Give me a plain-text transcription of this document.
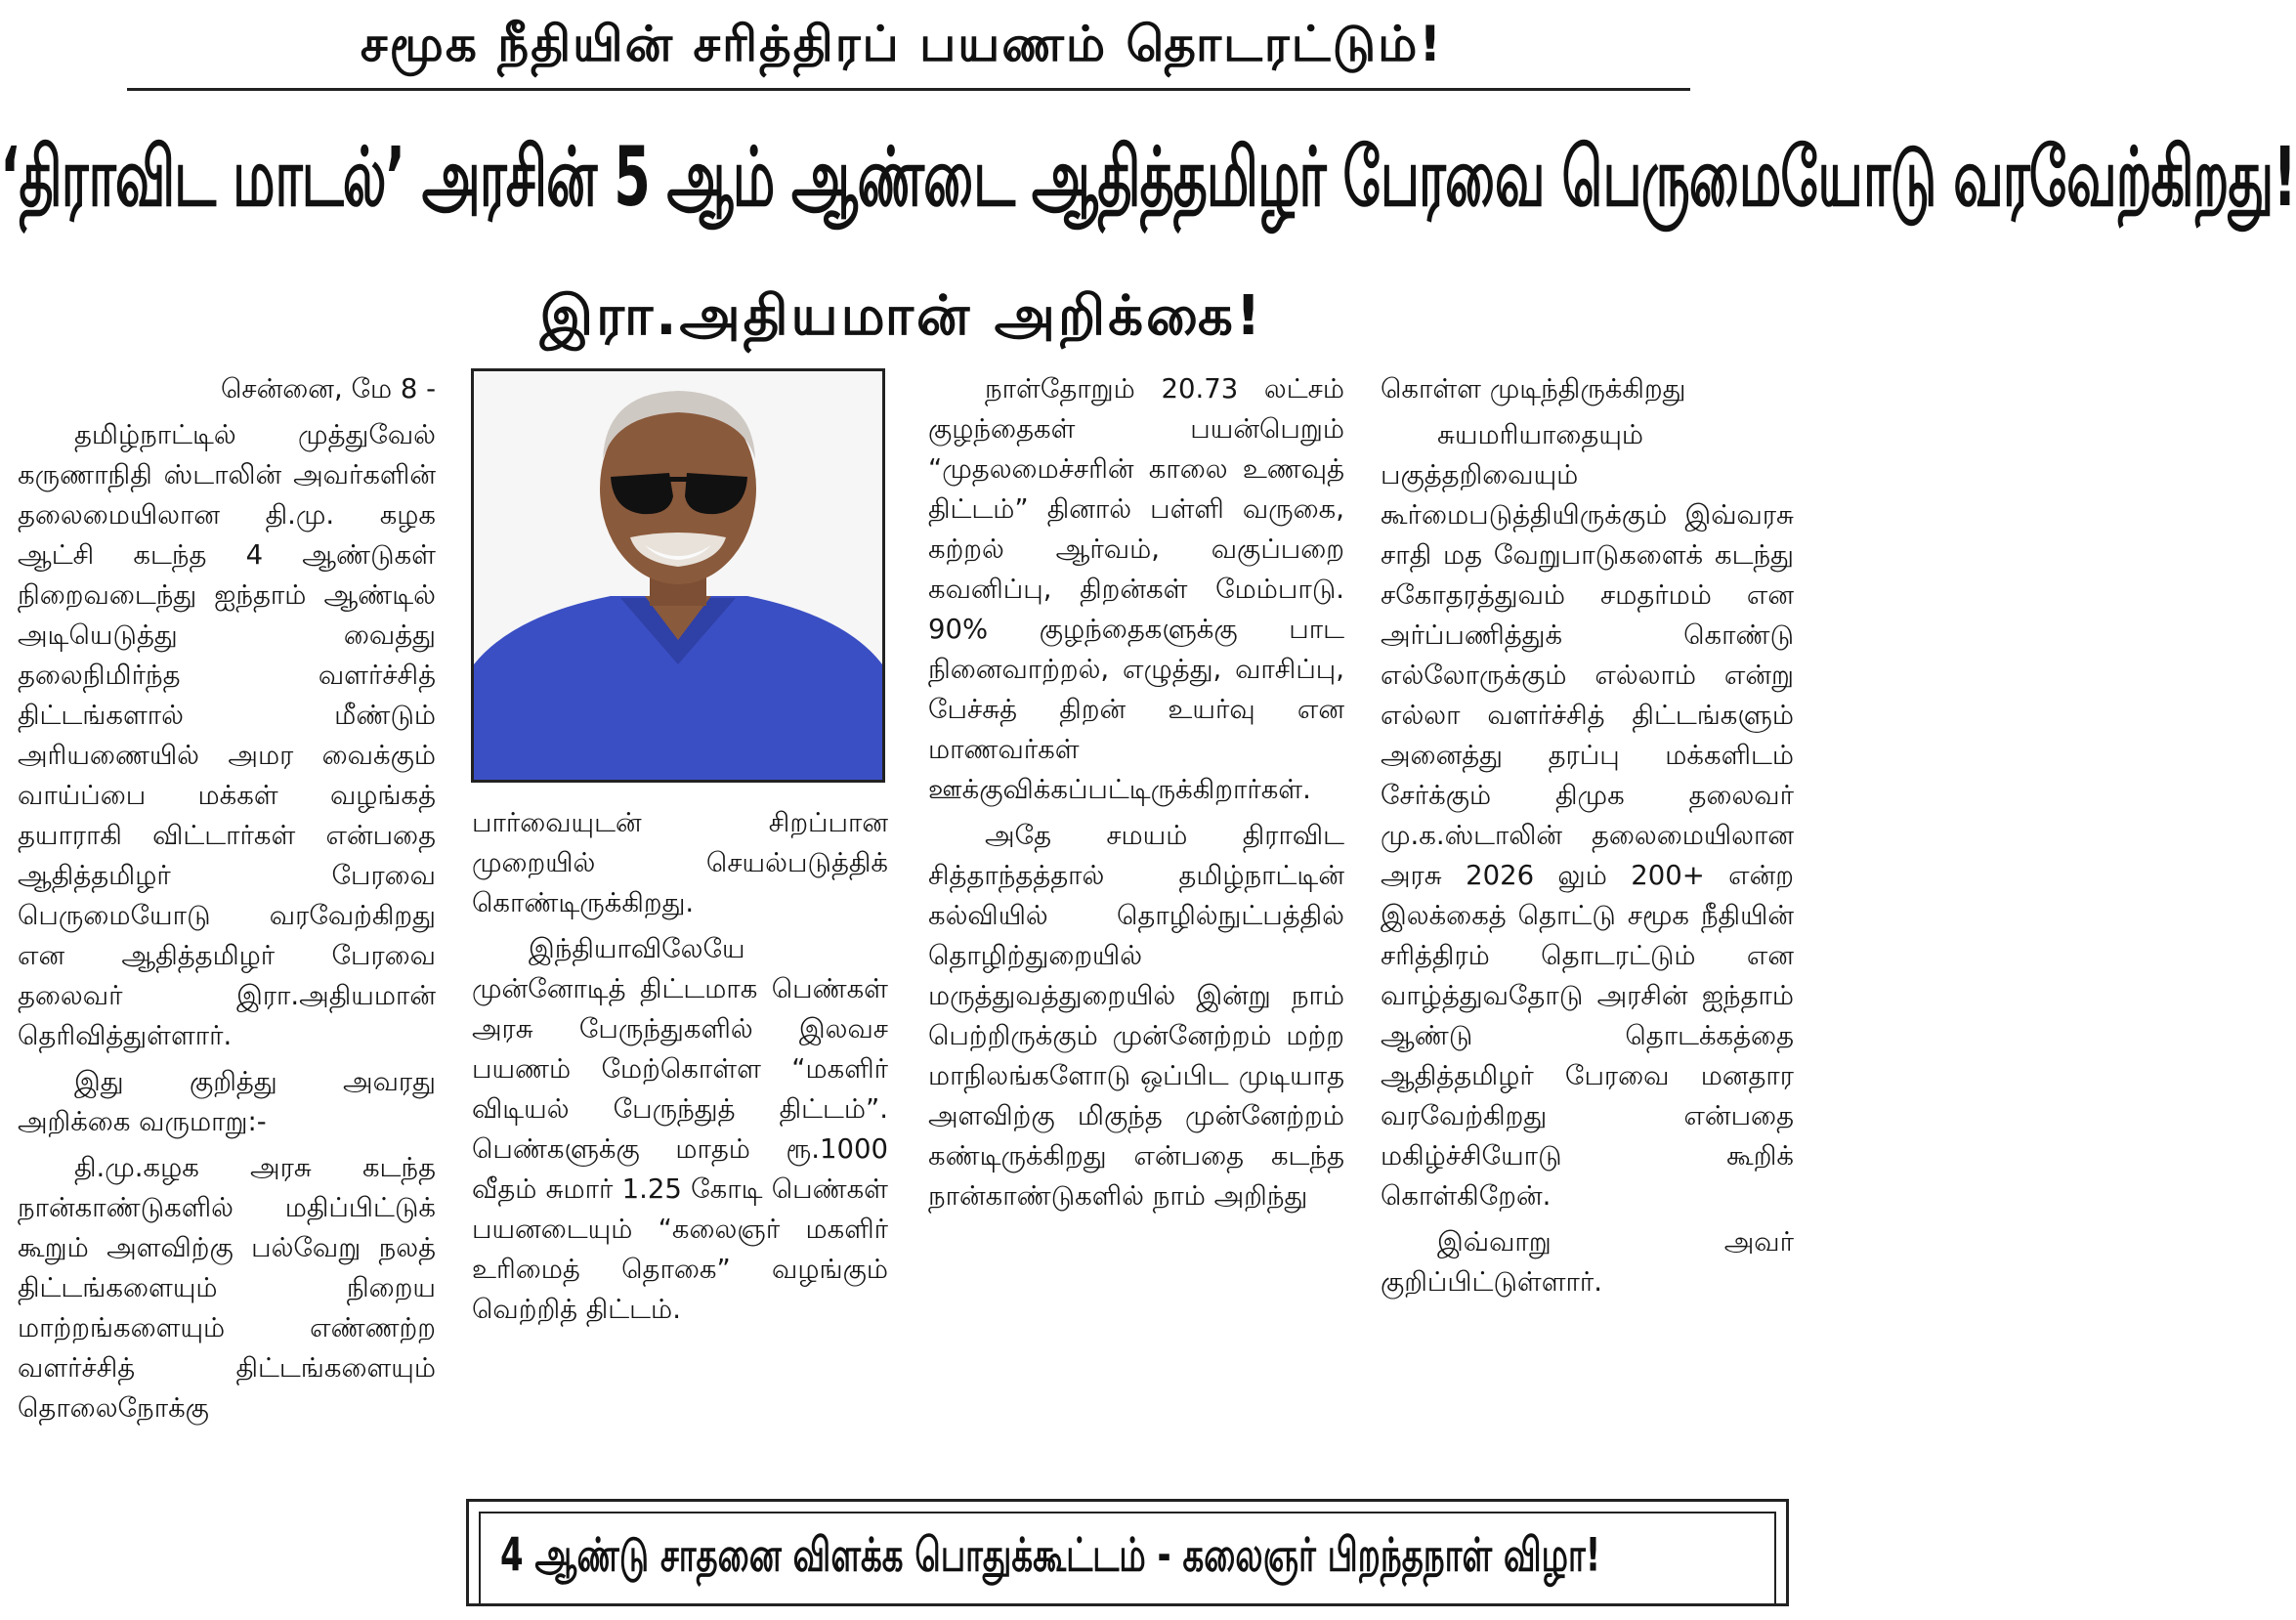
சமூக நீதியின் சரித்திரப் பயணம் தொடரட்டும்!
‘திராவிட மாடல்’ அரசின் 5 ஆம் ஆண்டை ஆதித்தமிழர் பேரவை பெருமையோடு வரவேற்கிறது!
இரா.அதியமான் அறிக்கை!

சென்னை, மே 8 -

தமிழ்நாட்டில் முத்துவேல் கருணாநிதி ஸ்டாலின் அவர்களின் தலைமையிலான தி.மு. கழக ஆட்சி கடந்த 4 ஆண்டுகள் நிறைவடைந்து ஐந்தாம் ஆண்டில் அடியெடுத்து வைத்து தலைநிமிர்ந்த வளர்ச்சித் திட்டங்களால் மீண்டும் அரியணையில் அமர வைக்கும் வாய்ப்பை மக்கள் வழங்கத் தயாராகி விட்டார்கள் என்பதை ஆதித்தமிழர் பேரவை பெருமையோடு வரவேற்கிறது என ஆதித்தமிழர் பேரவை தலைவர் இரா.அதியமான் தெரிவித்துள்ளார்.

இது குறித்து அவரது அறிக்கை வருமாறு:-

தி.மு.கழக அரசு கடந்த நான்காண்டுகளில் மதிப்பிட்டுக் கூறும் அளவிற்கு பல்வேறு நலத் திட்டங்களையும் நிறைய மாற்றங்களையும் எண்ணற்ற வளர்ச்சித் திட்டங்களையும் தொலைநோக்கு

பார்வையுடன் சிறப்பான முறையில் செயல்படுத்திக் கொண்டிருக்கிறது.

இந்தியாவிலேயே முன்னோடித் திட்டமாக பெண்கள் அரசு பேருந்துகளில் இலவச பயணம் மேற்கொள்ள “மகளிர் விடியல் பேருந்துத் திட்டம்”. பெண்களுக்கு மாதம் ரூ.1000 வீதம் சுமார் 1.25 கோடி பெண்கள் பயனடையும் “கலைஞர் மகளிர் உரிமைத் தொகை” வழங்கும் வெற்றித் திட்டம்.

நாள்தோறும் 20.73 லட்சம் குழந்தைகள் பயன்பெறும் “முதலமைச்சரின் காலை உணவுத் திட்டம்” தினால் பள்ளி வருகை, கற்றல் ஆர்வம், வகுப்பறை கவனிப்பு, திறன்கள் மேம்பாடு. 90% குழந்தைகளுக்கு பாட நினைவாற்றல், எழுத்து, வாசிப்பு, பேச்சுத் திறன் உயர்வு என மாணவர்கள் ஊக்குவிக்கப்பட்டிருக்கிறார்கள்.

அதே சமயம் திராவிட சித்தாந்தத்தால் தமிழ்நாட்டின் கல்வியில் தொழில்நுட்பத்தில் தொழிற்துறையில் மருத்துவத்துறையில் இன்று நாம் பெற்றிருக்கும் முன்னேற்றம் மற்ற மாநிலங்களோடு ஒப்பிட முடியாத அளவிற்கு மிகுந்த முன்னேற்றம் கண்டிருக்கிறது என்பதை கடந்த நான்காண்டுகளில் நாம் அறிந்து

கொள்ள முடிந்திருக்கிறது

சுயமரியாதையும் பகுத்தறிவையும் கூர்மைபடுத்தியிருக்கும் இவ்வரசு சாதி மத வேறுபாடுகளைக் கடந்து சகோதரத்துவம் சமதர்மம் என அர்ப்பணித்துக் கொண்டு எல்லோருக்கும் எல்லாம் என்று எல்லா வளர்ச்சித் திட்டங்களும் அனைத்து தரப்பு மக்களிடம் சேர்க்கும் திமுக தலைவர் மு.க.ஸ்டாலின் தலைமையிலான அரசு 2026 லும் 200+ என்ற இலக்கைத் தொட்டு சமூக நீதியின் சரித்திரம் தொடரட்டும் என வாழ்த்துவதோடு அரசின் ஐந்தாம் ஆண்டு தொடக்கத்தை ஆதித்தமிழர் பேரவை மனதார வரவேற்கிறது என்பதை மகிழ்ச்சியோடு கூறிக் கொள்கிறேன்.

இவ்வாறு அவர் குறிப்பிட்டுள்ளார்.

4 ஆண்டு சாதனை விளக்க பொதுக்கூட்டம் - கலைஞர் பிறந்தநாள் விழா!
